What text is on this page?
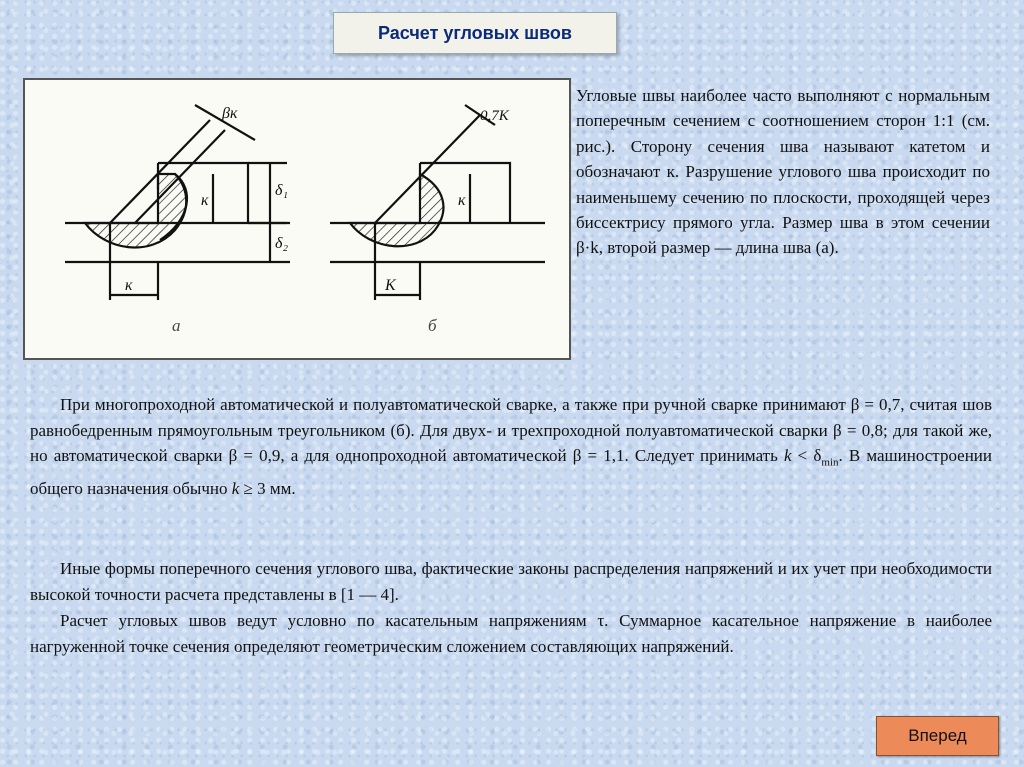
Расчет угловых швов
βк	0,7К
к	к
к	К
δ₁
δ₂
а	б
Угловые швы наиболее часто выполняют с нормальным поперечным сечением с соотношением сторон 1:1 (см. рис.). Сторону сечения шва называют катетом и обозначают к. Разрушение углового шва происходит по наименьшему сечению по плоскости, проходящей через биссектрису прямого угла. Размер шва в этом сечении β·k, второй размер — длина шва (а).
При многопроходной автоматической и полуавтоматической сварке, а также при ручной сварке принимают β = 0,7, считая шов равнобедренным прямоугольным треугольником (б). Для двух- и трехпроходной полуавтоматической сварки β = 0,8; для такой же, но автоматической сварки β = 0,9, а для однопроходной автоматической β = 1,1. Следует принимать $k < \delta_{min}$. В машиностроении общего назначения обычно k ≥ 3 мм.
Иные формы поперечного сечения углового шва, фактические законы распределения напряжений и их учет при необходимости высокой точности расчета представлены в [1 — 4].
Расчет угловых швов ведут условно по касательным напряжениям τ. Суммарное касательное напряжение в наиболее нагруженной точке сечения определяют геометрическим сложением составляющих напряжений.
Вперед
